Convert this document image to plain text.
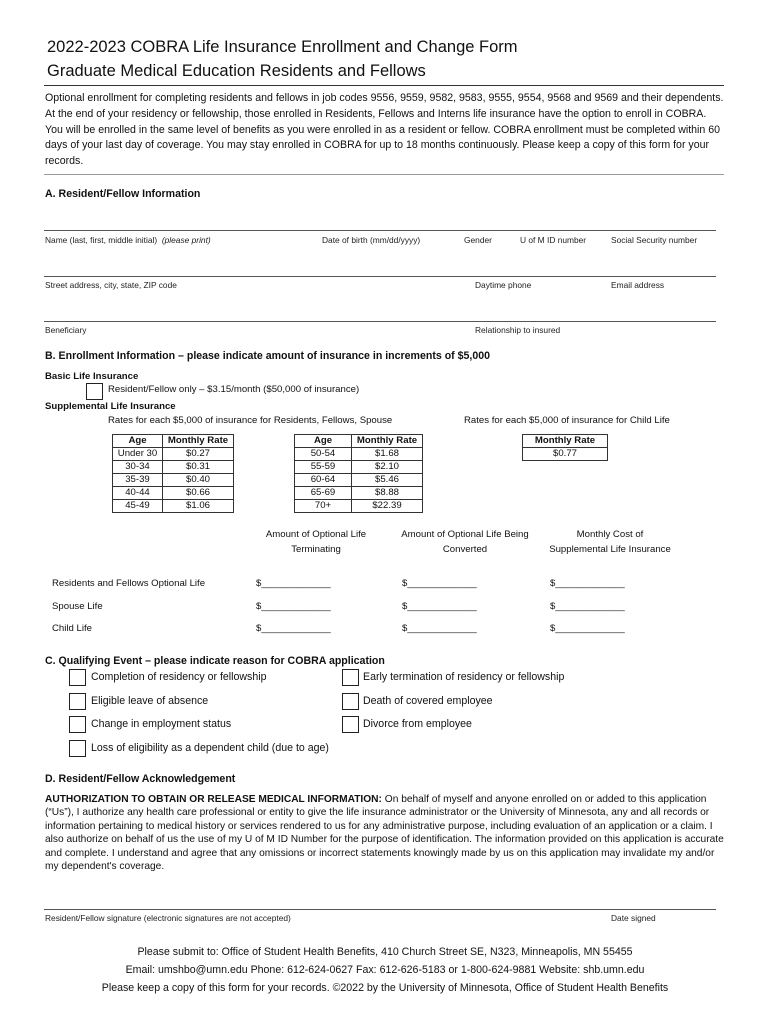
2022-2023 COBRA Life Insurance Enrollment and Change Form
Graduate Medical Education Residents and Fellows
Optional enrollment for completing residents and fellows in job codes 9556, 9559, 9582, 9583, 9555, 9554, 9568 and 9569 and their dependents. At the end of your residency or fellowship, those enrolled in Residents, Fellows and Interns life insurance have the option to enroll in COBRA. You will be enrolled in the same level of benefits as you were enrolled in as a resident or fellow. COBRA enrollment must be completed within 60 days of your last day of coverage. You may stay enrolled in COBRA for up to 18 months continuously. Please keep a copy of this form for your records.
A. Resident/Fellow Information
Name (last, first, middle initial) (please print)	Date of birth (mm/dd/yyyy)	Gender	U of M ID number	Social Security number
Street address, city, state, ZIP code	Daytime phone	Email address
Beneficiary	Relationship to insured
B. Enrollment Information – please indicate amount of insurance in increments of $5,000
Basic Life Insurance
Resident/Fellow only – $3.15/month ($50,000 of insurance)
Supplemental Life Insurance
Rates for each $5,000 of insurance for Residents, Fellows, Spouse	Rates for each $5,000 of insurance for Child Life
Age	Monthly Rate
Under 30	$0.27
30-34	$0.31
35-39	$0.40
40-44	$0.66
45-49	$1.06
Age	Monthly Rate
50-54	$1.68
55-59	$2.10
60-64	$5.46
65-69	$8.88
70+	$22.39
Monthly Rate
$0.77
Amount of Optional Life
Terminating
Amount of Optional Life Being
Converted
Monthly Cost of
Supplemental Life Insurance
Residents and Fellows Optional Life	$_____________	$_____________	$_____________
Spouse Life	$_____________	$_____________	$_____________
Child Life	$_____________	$_____________	$_____________
C. Qualifying Event – please indicate reason for COBRA application
Completion of residency or fellowship	Early termination of residency or fellowship
Eligible leave of absence	Death of covered employee
Change in employment status	Divorce from employee
Loss of eligibility as a dependent child (due to age)
D. Resident/Fellow Acknowledgement
AUTHORIZATION TO OBTAIN OR RELEASE MEDICAL INFORMATION: On behalf of myself and anyone enrolled on or added to this application (“Us”), I authorize any health care professional or entity to give the life insurance administrator or the University of Minnesota, any and all records or information pertaining to medical history or services rendered to us for any administrative purpose, including evaluation of an application or a claim. I also authorize on behalf of us the use of my U of M ID Number for the purpose of identification. The information provided on this application is accurate and complete. I understand and agree that any omissions or incorrect statements knowingly made by us on this application may invalidate my and/or my dependent's coverage.
Resident/Fellow signature (electronic signatures are not accepted)	Date signed
Please submit to: Office of Student Health Benefits, 410 Church Street SE, N323, Minneapolis, MN 55455
Email: umshbo@umn.edu Phone: 612-624-0627 Fax: 612-626-5183 or 1-800-624-9881 Website: shb.umn.edu
Please keep a copy of this form for your records. ©2022 by the University of Minnesota, Office of Student Health Benefits
